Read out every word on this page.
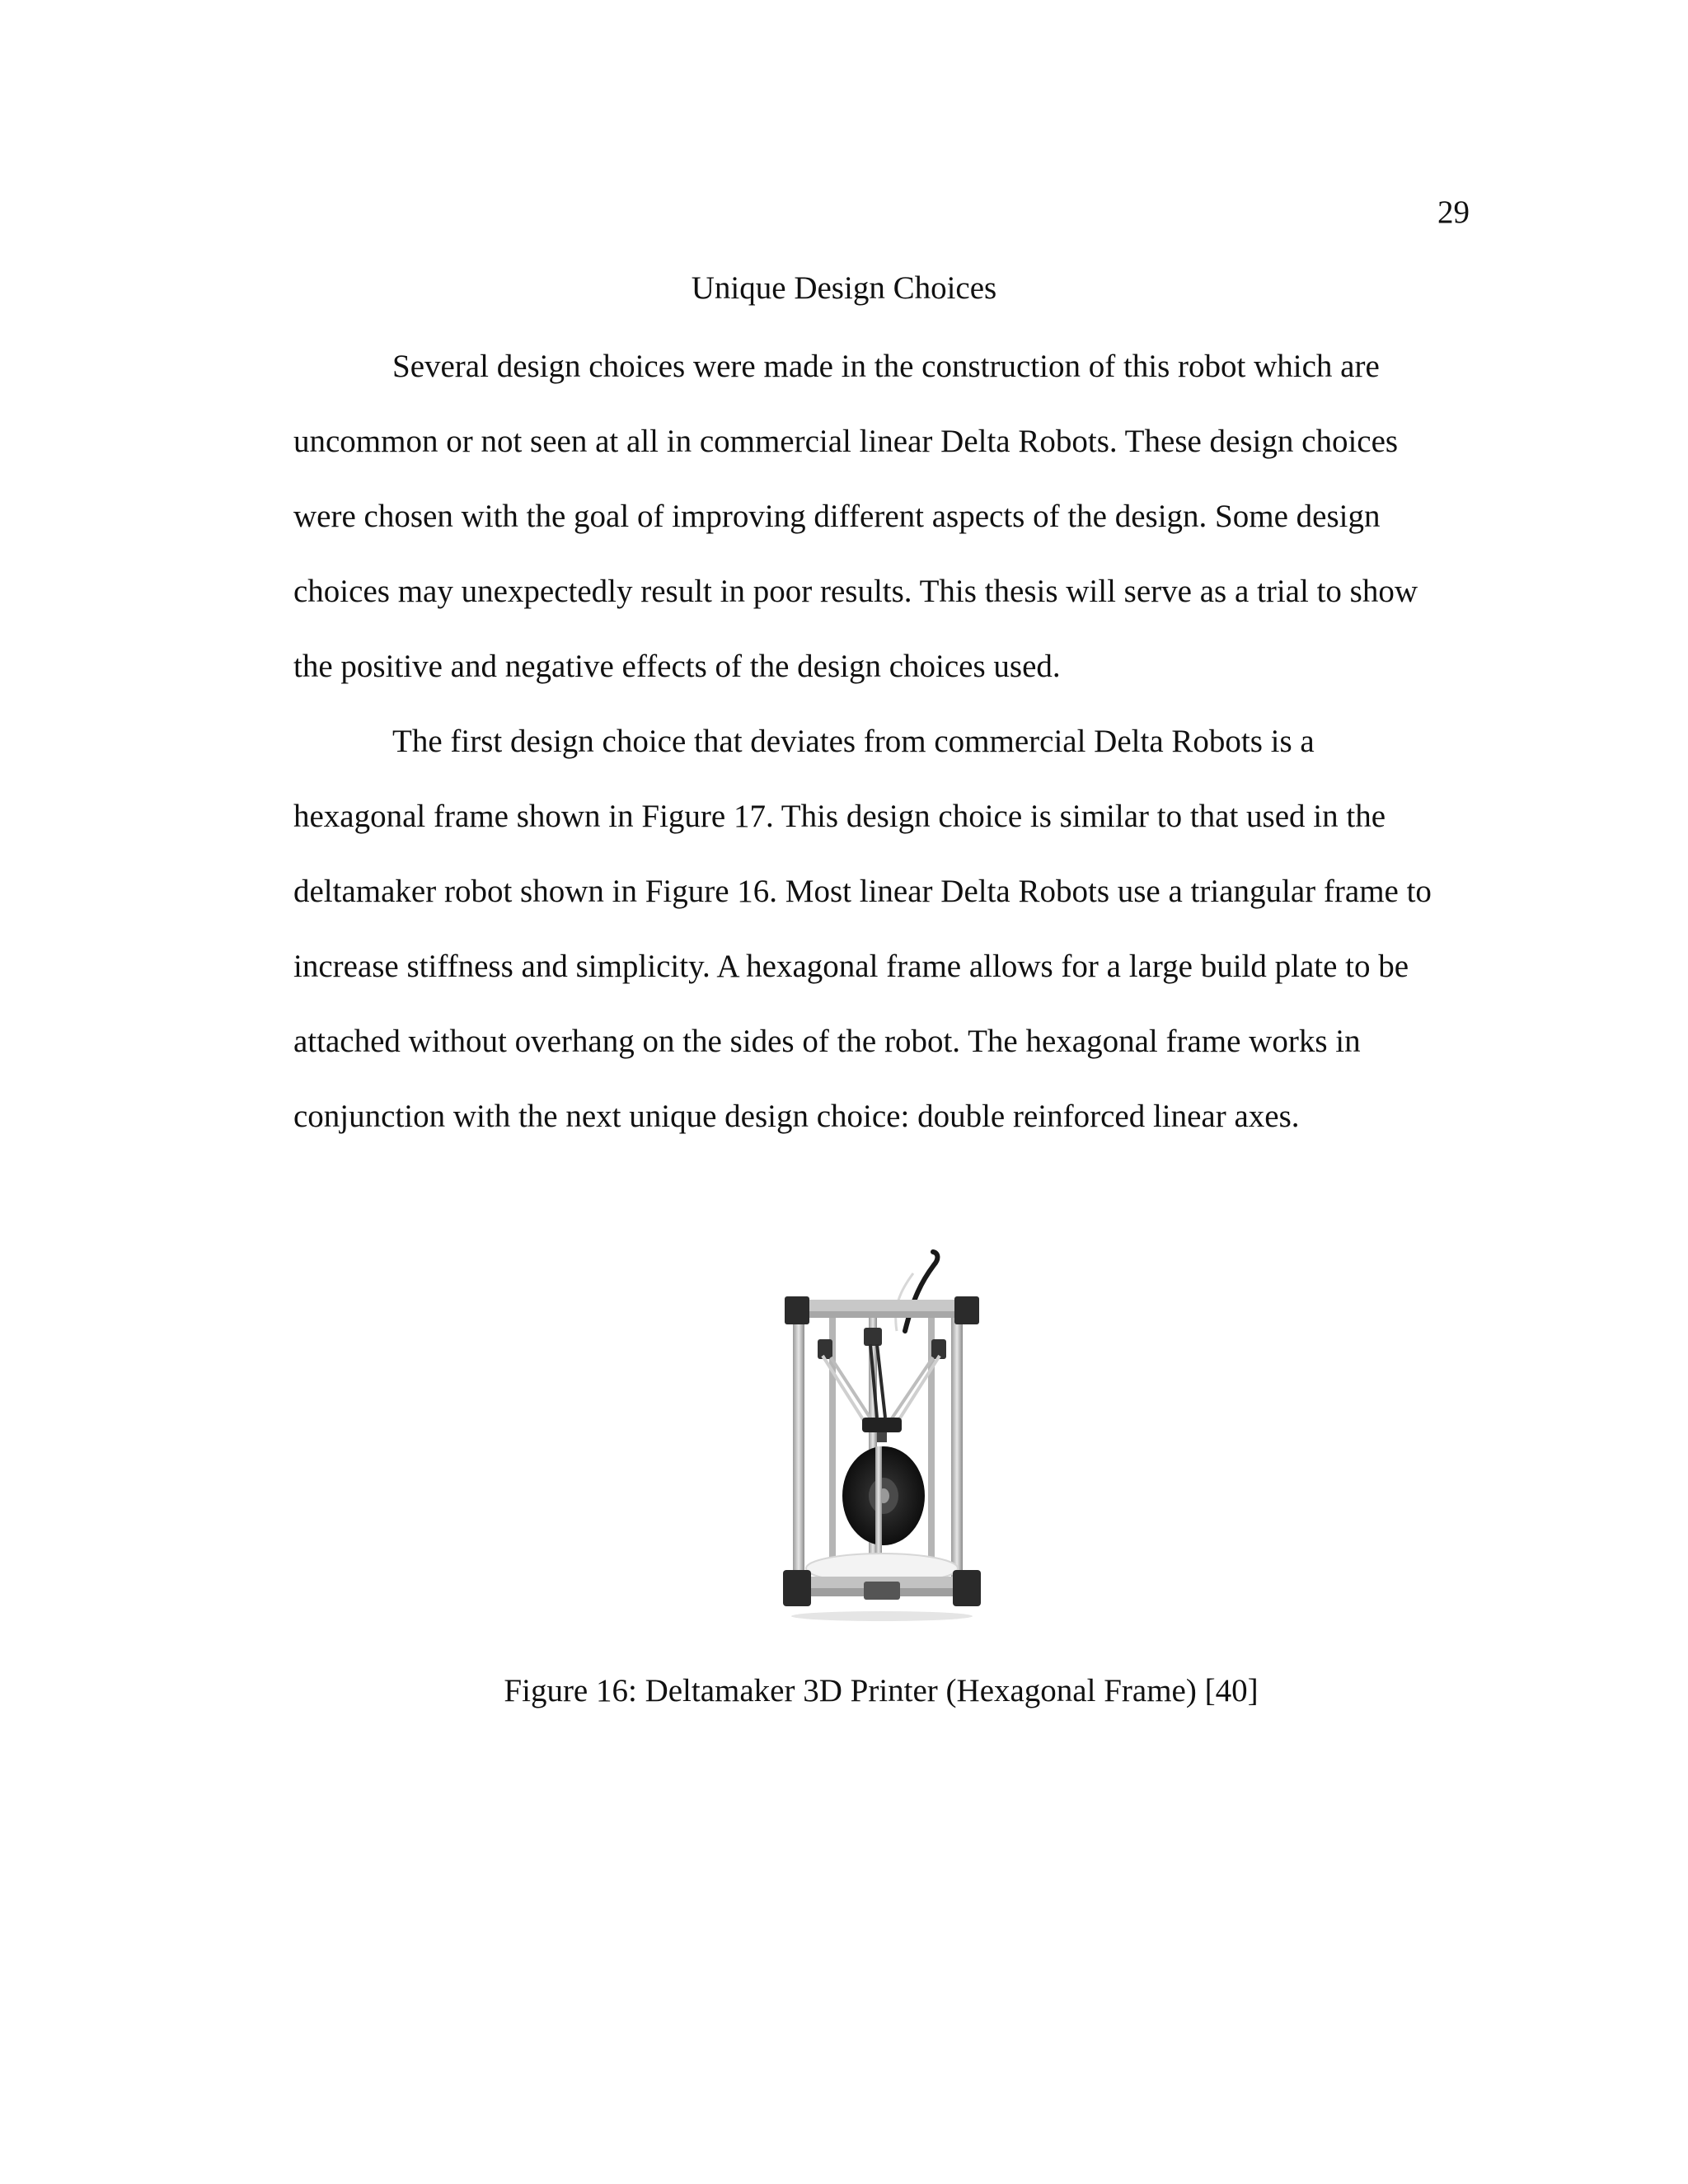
29
Unique Design Choices
Several design choices were made in the construction of this robot which are
uncommon or not seen at all in commercial linear Delta Robots. These design choices
were chosen with the goal of improving different aspects of the design. Some design
choices may unexpectedly result in poor results. This thesis will serve as a trial to show
the positive and negative effects of the design choices used.
The first design choice that deviates from commercial Delta Robots is a
hexagonal frame shown in Figure 17. This design choice is similar to that used in the
deltamaker robot shown in Figure 16. Most linear Delta Robots use a triangular frame to
increase stiffness and simplicity. A hexagonal frame allows for a large build plate to be
attached without overhang on the sides of the robot. The hexagonal frame works in
conjunction with the next unique design choice: double reinforced linear axes.
Figure 16: Deltamaker 3D Printer (Hexagonal Frame) [40]
